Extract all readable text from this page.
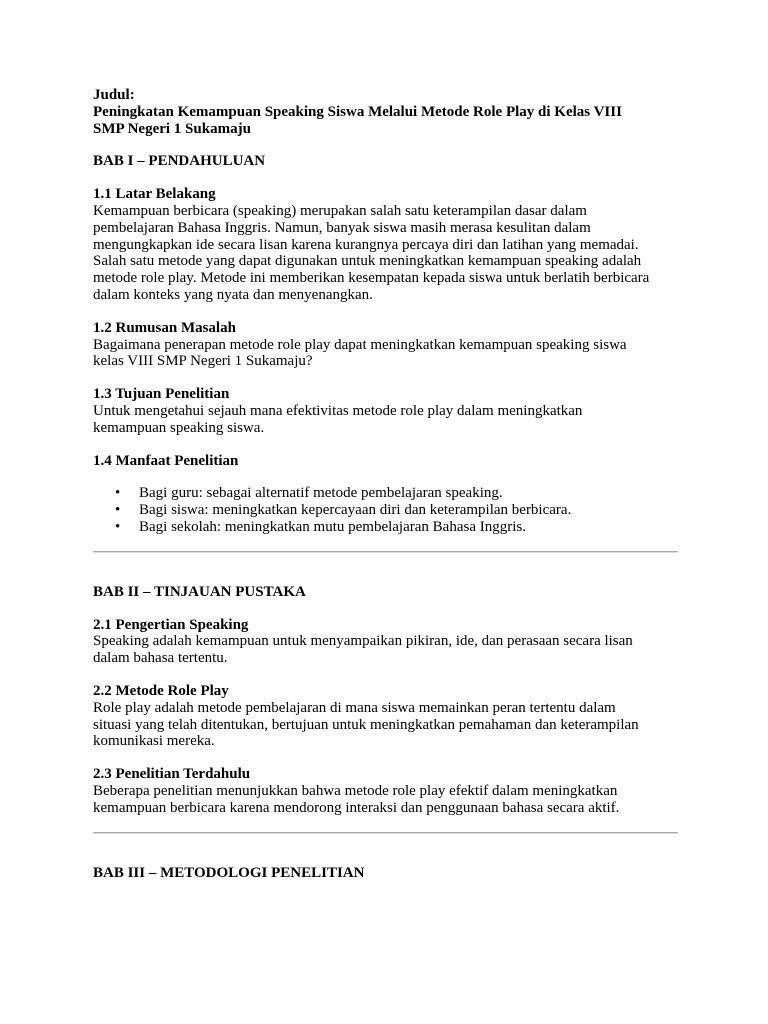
Judul:

Peningkatan Kemampuan Speaking Siswa Melalui Metode Role Play di Kelas VIII

SMP Negeri 1 Sukamaju

BAB I – PENDAHULUAN

1.1 Latar Belakang

Kemampuan berbicara (speaking) merupakan salah satu keterampilan dasar dalam

pembelajaran Bahasa Inggris. Namun, banyak siswa masih merasa kesulitan dalam

mengungkapkan ide secara lisan karena kurangnya percaya diri dan latihan yang memadai.

Salah satu metode yang dapat digunakan untuk meningkatkan kemampuan speaking adalah

metode role play. Metode ini memberikan kesempatan kepada siswa untuk berlatih berbicara

dalam konteks yang nyata dan menyenangkan.

1.2 Rumusan Masalah

Bagaimana penerapan metode role play dapat meningkatkan kemampuan speaking siswa

kelas VIII SMP Negeri 1 Sukamaju?

1.3 Tujuan Penelitian

Untuk mengetahui sejauh mana efektivitas metode role play dalam meningkatkan

kemampuan speaking siswa.

1.4 Manfaat Penelitian

• Bagi guru: sebagai alternatif metode pembelajaran speaking.
• Bagi siswa: meningkatkan kepercayaan diri dan keterampilan berbicara.
• Bagi sekolah: meningkatkan mutu pembelajaran Bahasa Inggris.

BAB II – TINJAUAN PUSTAKA

2.1 Pengertian Speaking

Speaking adalah kemampuan untuk menyampaikan pikiran, ide, dan perasaan secara lisan

dalam bahasa tertentu.

2.2 Metode Role Play

Role play adalah metode pembelajaran di mana siswa memainkan peran tertentu dalam

situasi yang telah ditentukan, bertujuan untuk meningkatkan pemahaman dan keterampilan

komunikasi mereka.

2.3 Penelitian Terdahulu

Beberapa penelitian menunjukkan bahwa metode role play efektif dalam meningkatkan

kemampuan berbicara karena mendorong interaksi dan penggunaan bahasa secara aktif.

BAB III – METODOLOGI PENELITIAN
